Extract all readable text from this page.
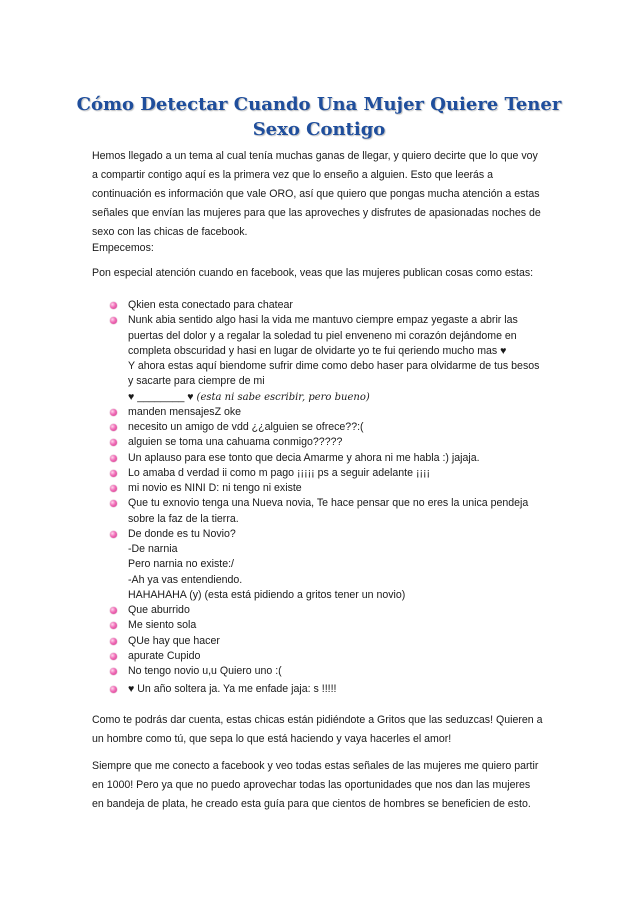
Cómo Detectar Cuando Una Mujer Quiere Tener
Sexo Contigo
Hemos llegado a un tema al cual tenía muchas ganas de llegar, y quiero decirte que lo que voy
a compartir contigo aquí es la primera vez que lo enseño a alguien. Esto que leerás a
continuación es información que vale ORO, así que quiero que pongas mucha atención a estas
señales que envían las mujeres para que las aproveches y disfrutes de apasionadas noches de
sexo con las chicas de facebook.
Empecemos:
Pon especial atención cuando en facebook, veas que las mujeres publican cosas como estas:
Qkien esta conectado para chatear
Nunk abia sentido algo hasi la vida me mantuvo ciempre empaz yegaste a abrir las
puertas del dolor y a regalar la soledad tu piel enveneno mi corazón dejándome en
completa obscuridad y hasi en lugar de olvidarte yo te fui qeriendo mucho mas ♥
Y ahora estas aquí biendome sufrir dime como debo haser para olvidarme de tus besos
y sacarte para ciempre de mi
♥ ________ ♥ (esta ni sabe escribir, pero bueno)
manden mensajesZ oke
necesito un amigo de vdd ¿¿alguien se ofrece??:(
alguien se toma una cahuama conmigo?????
Un aplauso para ese tonto que decia Amarme y ahora ni me habla :) jajaja.
Lo amaba d verdad ii como m pago ¡¡¡¡¡ ps a seguir adelante ¡¡¡¡
mi novio es NINI D: ni tengo ni existe
Que tu exnovio tenga una Nueva novia, Te hace pensar que no eres la unica pendeja
sobre la faz de la tierra.
De donde es tu Novio?
-De narnia
Pero narnia no existe:/
-Ah ya vas entendiendo.
HAHAHAHA (y) (esta está pidiendo a gritos tener un novio)
Que aburrido
Me siento sola
QUe hay que hacer
apurate Cupido
No tengo novio u,u Quiero uno :(
♥ Un año soltera ja. Ya me enfade jaja: s !!!!!
Como te podrás dar cuenta, estas chicas están pidiéndote a Gritos que las seduzcas! Quieren a
un hombre como tú, que sepa lo que está haciendo y vaya hacerles el amor!
Siempre que me conecto a facebook y veo todas estas señales de las mujeres me quiero partir
en 1000! Pero ya que no puedo aprovechar todas las oportunidades que nos dan las mujeres
en bandeja de plata, he creado esta guía para que cientos de hombres se beneficien de esto.
